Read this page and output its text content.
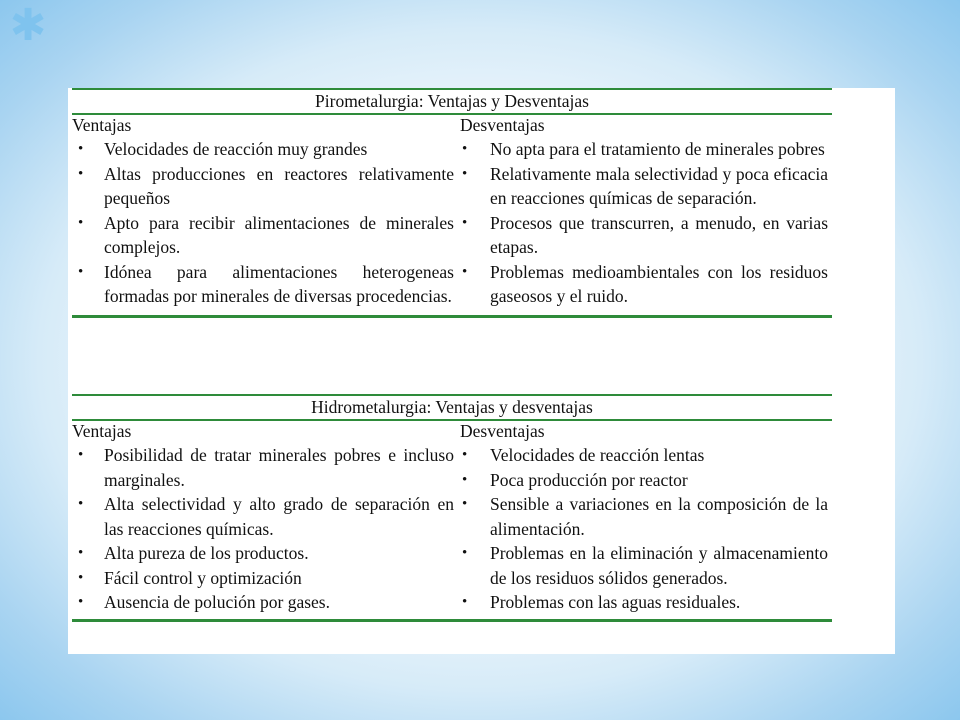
✱
Pirometalurgia: Ventajas y Desventajas
Ventajas
• Velocidades de reacción muy grandes
• Altas producciones en reactores relativamente pequeños
• Apto para recibir alimentaciones de minerales complejos.
• Idónea para alimentaciones heterogeneas formadas por minerales de diversas procedencias.
Desventajas
• No apta para el tratamiento de minerales pobres
• Relativamente mala selectividad y poca eficacia en reacciones químicas de separación.
• Procesos que transcurren, a menudo, en varias etapas.
• Problemas medioambientales con los residuos gaseosos y el ruido.
Hidrometalurgia: Ventajas y desventajas
Ventajas
• Posibilidad de tratar minerales pobres e incluso marginales.
• Alta selectividad y alto grado de separación en las reacciones químicas.
• Alta pureza de los productos.
• Fácil control y optimización
• Ausencia de polución por gases.
Desventajas
• Velocidades de reacción lentas
• Poca producción por reactor
• Sensible a variaciones en la composición de la alimentación.
• Problemas en la eliminación y almacenamiento de los residuos sólidos generados.
• Problemas con las aguas residuales.
